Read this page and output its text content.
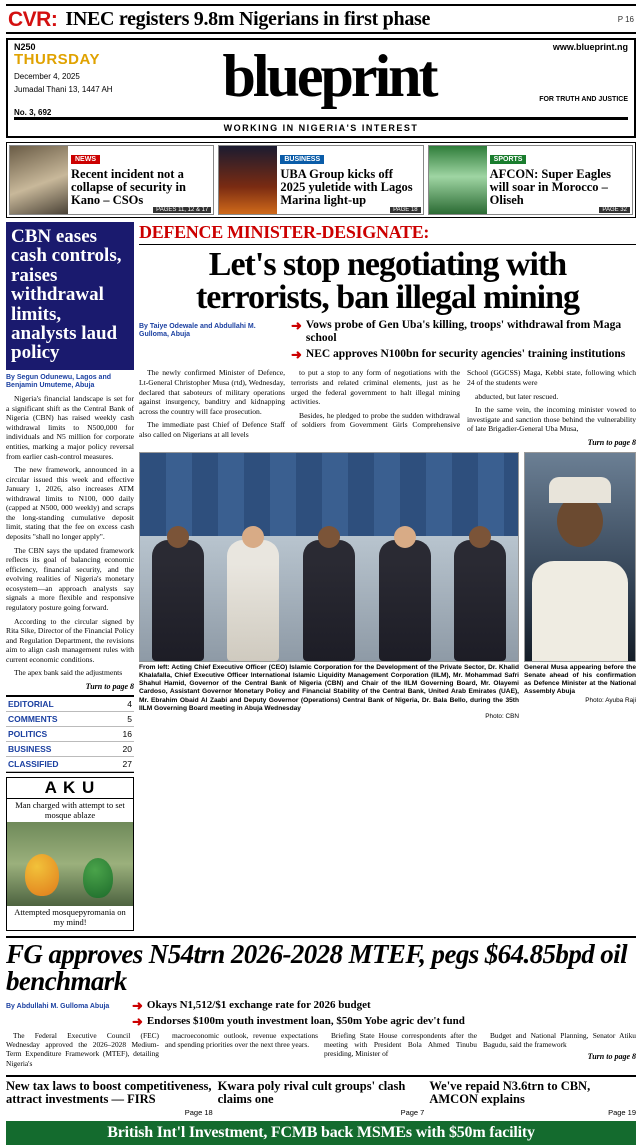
CVR: INEC registers 9.8m Nigerians in first phase	P 16
N250	www.blueprint.ng
THURSDAY
December 4, 2025
Jumadal Thani 13, 1447 AH
No. 3, 692
blueprint	FOR TRUTH AND JUSTICE
WORKING IN NIGERIA'S INTEREST
NEWS
Recent incident not a collapse of security in Kano – CSOs
PAGES 11, 12 & 17
BUSINESS
UBA Group kicks off 2025 yuletide with Lagos Marina light-up
PAGE 18
SPORTS
AFCON: Super Eagles will soar in Morocco – Oliseh
PAGE 32
CBN eases cash controls, raises withdrawal limits, analysts laud policy
By Segun Odunewu, Lagos and Benjamin Umuteme, Abuja

Nigeria's financial landscape is set for a significant shift as the Central Bank of Nigeria (CBN) has raised weekly cash withdrawal limits to N500,000 for individuals and N5 million for corporate entities, marking a major policy reversal from earlier cash-control measures.

The new framework, announced in a circular issued this week and effective January 1, 2026, also increases ATM withdrawal limits to N100, 000 daily (capped at N500, 000 weekly) and scraps the long-standing cumulative deposit limit, stating that the fee on excess cash deposits "shall no longer apply".

The CBN says the updated framework reflects its goal of balancing economic efficiency, financial security, and the evolving realities of Nigeria's monetary ecosystem—an approach analysts say signals a more flexible and responsive regulatory posture going forward.

According to the circular signed by Rita Sike, Director of the Financial Policy and Regulation Department, the revisions aim to align cash management rules with current economic conditions.

The apex bank said the adjustments

Turn to page 8
EDITORIAL	4
COMMENTS	5
POLITICS	16
BUSINESS	20
CLASSIFIED	27
A K U
Man charged with attempt to set mosque ablaze
Attempted mosquepyromania on my mind!
DEFENCE MINISTER-DESIGNATE:
Let's stop negotiating with terrorists, ban illegal mining
By Taiye Odewale and Abdullahi M. Gulloma, Abuja
➜ Vows probe of Gen Uba's killing, troops' withdrawal from Maga school
➜ NEC approves N100bn for security agencies' training institutions

The newly confirmed Minister of Defence, Lt-General Christopher Musa (rtd), Wednesday, declared that saboteurs of military operations against insurgency, banditry and kidnapping across the country will face prosecution.

The immediate past Chief of Defence Staff also called on Nigerians at all levels

to put a stop to any form of negotiations with the terrorists and related criminal elements, just as he urged the federal government to halt illegal mining activities.

Besides, he pledged to probe the sudden withdrawal of soldiers from Government Girls Comprehensive School (GGCSS) Maga, Kebbi state, following which 24 of the students were

abducted, but later rescued.

In the same vein, the incoming minister vowed to investigate and sanction those behind the vulnerability of late Brigadier-General Uba Musa,

Turn to page 8
From left: Acting Chief Executive Officer (CEO) Islamic Corporation for the Development of the Private Sector, Dr. Khalid Khalafalla, Chief Executive Officer International Islamic Liquidity Management Corporation (IILM), Mr. Mohammad Safri Shahul Hamid, Governor of the Central Bank of Nigeria (CBN) and Chair of the IILM Governing Board, Mr. Olayemi Cardoso, Assistant Governor Monetary Policy and Financial Stability of the Central Bank, United Arab Emirates (UAE), Mr. Ebrahim Obaid Al Zaabi and Deputy Governor (Operations) Central Bank of Nigeria, Dr. Bala Bello, during the 35th IILM Governing Board meeting in Abuja Wednesday
Photo: CBN
General Musa appearing before the Senate ahead of his confirmation as Defence Minister at the National Assembly Abuja
Photo: Ayuba Raji
FG approves N54trn 2026-2028 MTEF, pegs $64.85bpd oil benchmark
By Abdullahi M. Gulloma Abuja	➜ Okays N1,512/$1 exchange rate for 2026 budget
➜ Endorses $100m youth investment loan, $50m Yobe agric dev't fund

The Federal Executive Council (FEC) Wednesday approved the 2026–2028 Medium-Term Expenditure Framework (MTEF), detailing Nigeria's

macroeconomic outlook, revenue expectations and spending priorities over the next three years.

Briefing State House correspondents after the meeting with President Bola Ahmed Tinubu presiding, Minister of

Budget and National Planning, Senator Atiku Bagudu, said the framework

Turn to page 8
New tax laws to boost competitiveness, attract investments — FIRS
Page 18
Kwara poly rival cult groups' clash claims one
Page 7
We've repaid N3.6trn to CBN, AMCON explains
Page 19
British Int'l Investment, FCMB back MSMEs with $50m facility
